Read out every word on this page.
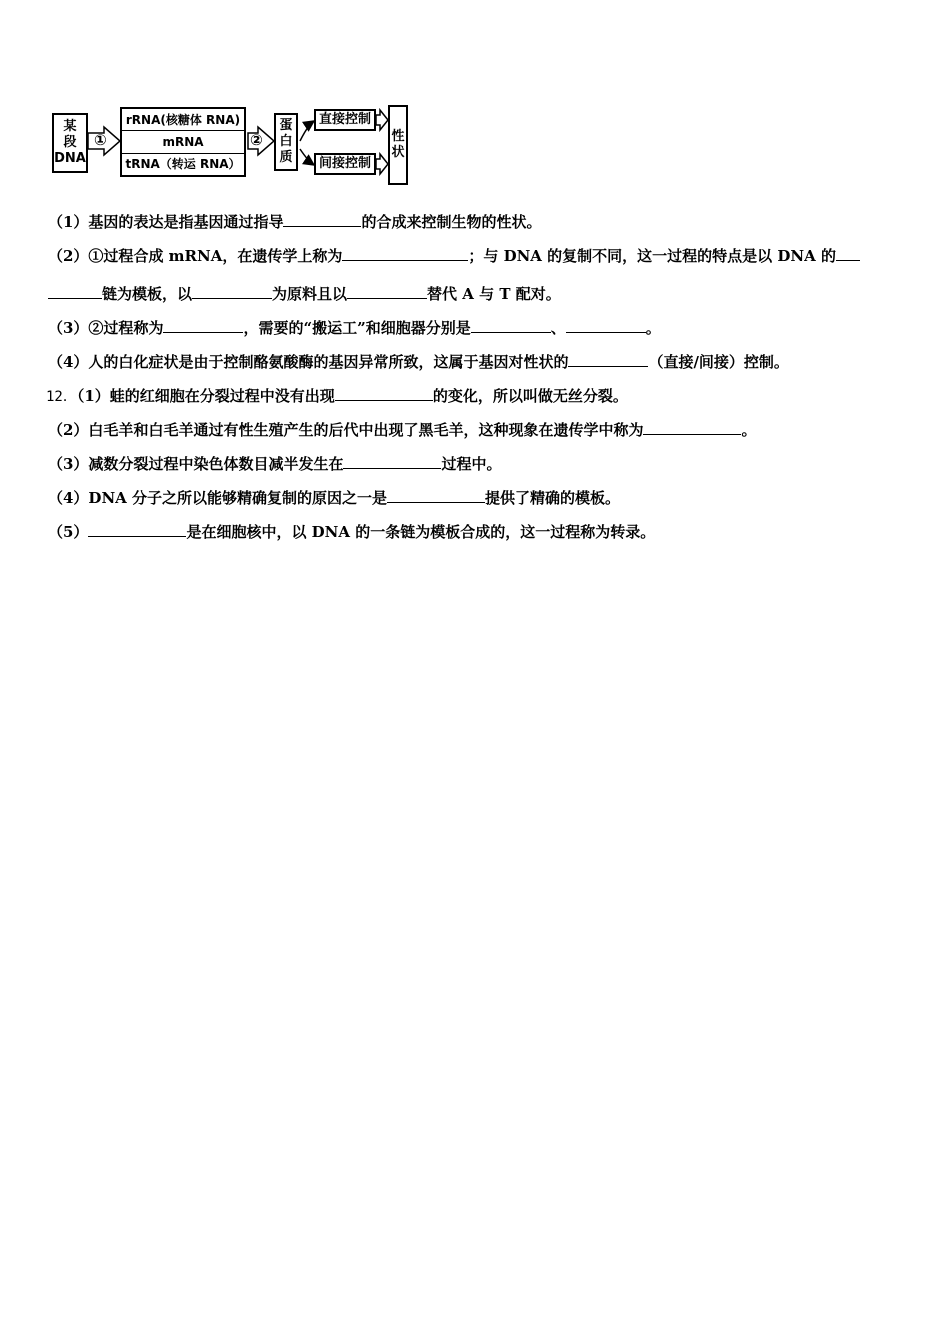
某
段
DNA
①
rRNA(核糖体 RNA)
mRNA
tRNA（转运 RNA）
②
蛋
白
质
直接控制
间接控制
性
状
（1）基因的表达是指基因通过指导	的合成来控制生物的性状。
（2）①过程合成 mRNA，在遗传学上称为	；与 DNA 的复制不同，这一过程的特点是以 DNA 的
链为模板，以	为原料且以	替代 A 与 T 配对。
（3）②过程称为	，需要的“搬运工”和细胞器分别是	、	。
（4）人的白化症状是由于控制酪氨酸酶的基因异常所致，这属于基因对性状的	（直接/间接）控制。
12．（1）蛙的红细胞在分裂过程中没有出现	的变化，所以叫做无丝分裂。
（2）白毛羊和白毛羊通过有性生殖产生的后代中出现了黑毛羊，这种现象在遗传学中称为	。
（3）减数分裂过程中染色体数目减半发生在	过程中。
（4）DNA 分子之所以能够精确复制的原因之一是	提供了精确的模板。
（5）	是在细胞核中，以 DNA 的一条链为模板合成的，这一过程称为转录。
